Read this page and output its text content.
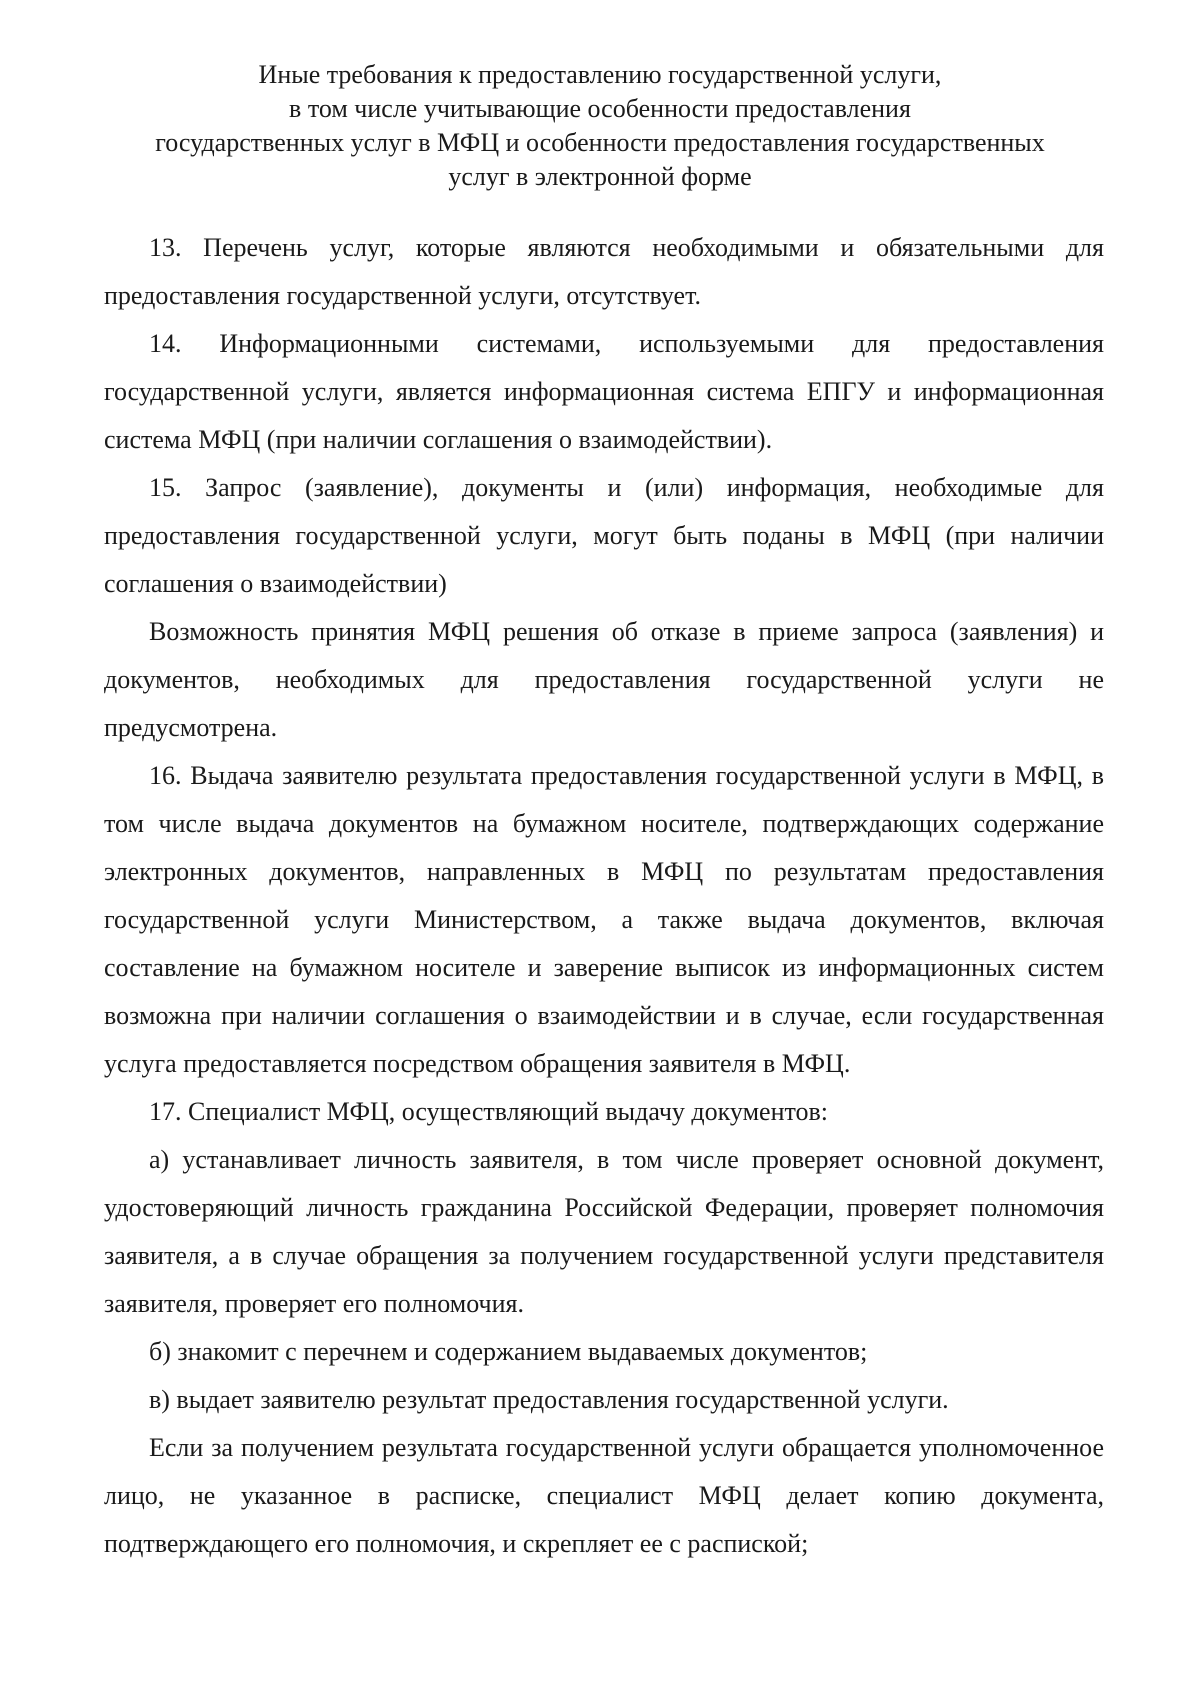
Иные требования к предоставлению государственной услуги,
в том числе учитывающие особенности предоставления
государственных услуг в МФЦ и особенности предоставления государственных
услуг в электронной форме

13. Перечень услуг, которые являются необходимыми и обязательными для предоставления государственной услуги, отсутствует.

14. Информационными системами, используемыми для предоставления государственной услуги, является информационная система ЕПГУ и информационная система МФЦ (при наличии соглашения о взаимодействии).

15. Запрос (заявление), документы и (или) информация, необходимые для предоставления государственной услуги, могут быть поданы в МФЦ (при наличии соглашения о взаимодействии)

Возможность принятия МФЦ решения об отказе в приеме запроса (заявления) и документов, необходимых для предоставления государственной услуги не предусмотрена.

16. Выдача заявителю результата предоставления государственной услуги в МФЦ, в том числе выдача документов на бумажном носителе, подтверждающих содержание электронных документов, направленных в МФЦ по результатам предоставления государственной услуги Министерством, а также выдача документов, включая составление на бумажном носителе и заверение выписок из информационных систем возможна при наличии соглашения о взаимодействии и в случае, если государственная услуга предоставляется посредством обращения заявителя в МФЦ.

17. Специалист МФЦ, осуществляющий выдачу документов:

а) устанавливает личность заявителя, в том числе проверяет основной документ, удостоверяющий личность гражданина Российской Федерации, проверяет полномочия заявителя, а в случае обращения за получением государственной услуги представителя заявителя, проверяет его полномочия.

б) знакомит с перечнем и содержанием выдаваемых документов;

в) выдает заявителю результат предоставления государственной услуги.

Если за получением результата государственной услуги обращается уполномоченное лицо, не указанное в расписке, специалист МФЦ делает копию документа, подтверждающего его полномочия, и скрепляет ее с распиской;
